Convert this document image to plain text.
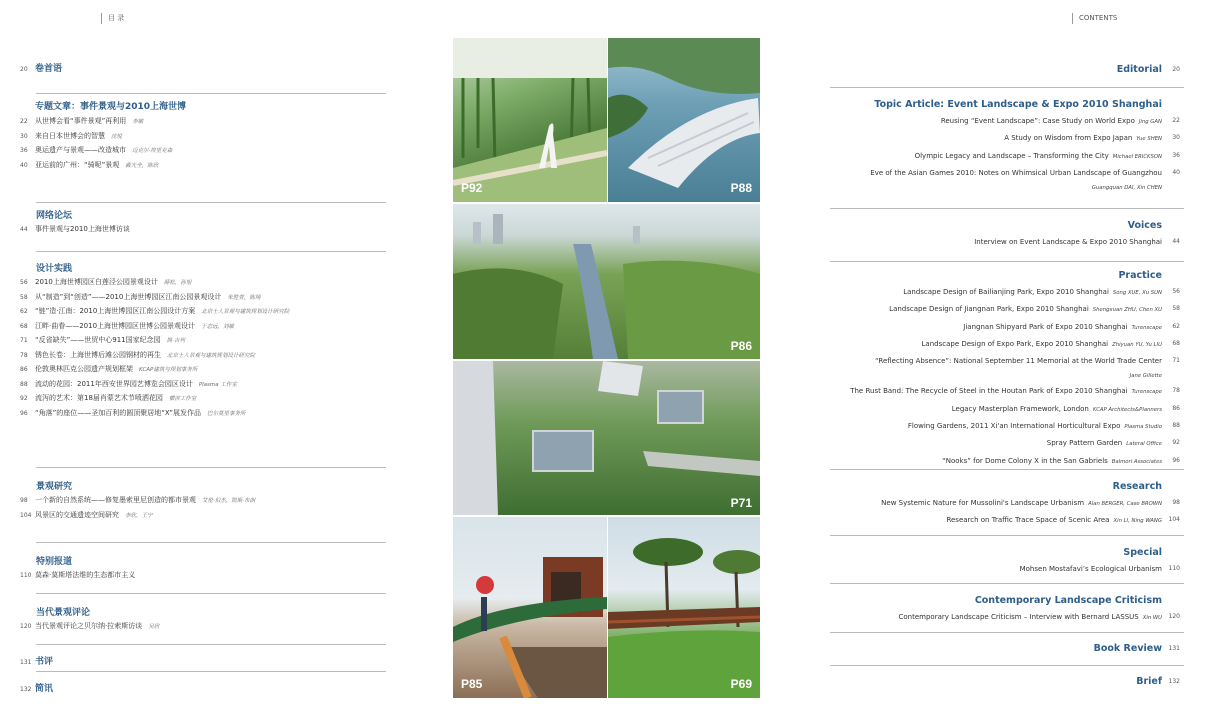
目 录	CONTENTS
20 卷首语
专题文章：事件景观与2010上海世博
22 从世博会看“事件景观”再利用 李敏
30 来自日本世博会的智慧 沈悦
36 奥运遗产与景观——改造城市 迈克尔·埃里克森
40 亚运前的广州：“骑呢”景观 戴光全，陈欣
网络论坛
44 事件景观与2010上海世博访谈
设计实践
56 2010上海世博园区白莲泾公园景观设计 薛松，孙旭
58 从“制造”到“创造”——2010上海世博园区江南公园景观设计 朱胜萱，陈翔
62 “链”造·江南：2010上海世博园区江南公园设计方案 北京土人景观与建筑规划设计研究院
68 江畔·曲眷——2010上海世博园区世博公园景观设计 于志远，刘敏
71 “反省缺失”——世贸中心911国家纪念园 简·吉列
78 锈色长卷：上海世博后滩公园钢材的再生 北京土人景观与建筑规划设计研究院
86 伦敦奥林匹克公园遗产规划框架 KCAP建筑与规划事务所
88 流动的花园：2011年西安世界园艺博览会园区设计 Plasma 工作室
92 流泻的艺术：第18届肖蒙艺术节喷洒花园 横滨工作室
96 “角落”的座位——圣加百利的圆顶聚居地“X”展发作品 巴尔莫里事务所
景观研究
98 一个新的自然系统——修复墨索里尼创造的都市景观 艾伦·伯杰，凯斯·布朗
104 风景区的交通遗迹空间研究 李欣，王宁
特别报道
110 莫森·莫斯塔法维的生态都市主义
当代景观评论
120 当代景观评论之贝尔纳·拉索斯访谈 吴欣
131 书评
132 简讯
P92	P88
P86
P71
P85	P69
Editorial 20
Topic Article: Event Landscape & Expo 2010 Shanghai
Reusing “Event Landscape”: Case Study on World Expo Jing GAN 22
A Study on Wisdom from Expo Japan Yue SHEN 30
Olympic Legacy and Landscape – Transforming the City Michael ERICKSON 36
Eve of the Asian Games 2010: Notes on Whimsical Urban Landscape of Guangzhou 40
Guangquan DAI, Xin CHEN
Voices
Interview on Event Landscape & Expo 2010 Shanghai 44
Practice
Landscape Design of Bailianjing Park, Expo 2010 Shanghai Song XUE, Xu SUN 56
Landscape Design of Jiangnan Park, Expo 2010 Shanghai Shengxuan ZHU, Chen XU 58
Jiangnan Shipyard Park of Expo 2010 Shanghai Turenscape 62
Landscape Design of Expo Park, Expo 2010 Shanghai Zhiyuan YU, Yu LIU 68
“Reflecting Absence”: National September 11 Memorial at the World Trade Center 71
Jane Gillette
The Rust Band: The Recycle of Steel in the Houtan Park of Expo 2010 Shanghai Turenscape 78
Legacy Masterplan Framework, London KCAP Architects&Planners 86
Flowing Gardens, 2011 Xi'an International Horticultural Expo Plasma Studio 88
Spray Pattern Garden Lateral Office 92
“Nooks” for Dome Colony X in the San Gabriels Balmori Associates 96
Research
New Systemic Nature for Mussolini's Landscape Urbanism Alan BERGER, Case BROWN 98
Research on Traffic Trace Space of Scenic Area Xin LI, Ning WANG 104
Special
Mohsen Mostafavi’s Ecological Urbanism 110
Contemporary Landscape Criticism
Contemporary Landscape Criticism – Interview with Bernard LASSUS Xin WU 120
Book Review 131
Brief 132
